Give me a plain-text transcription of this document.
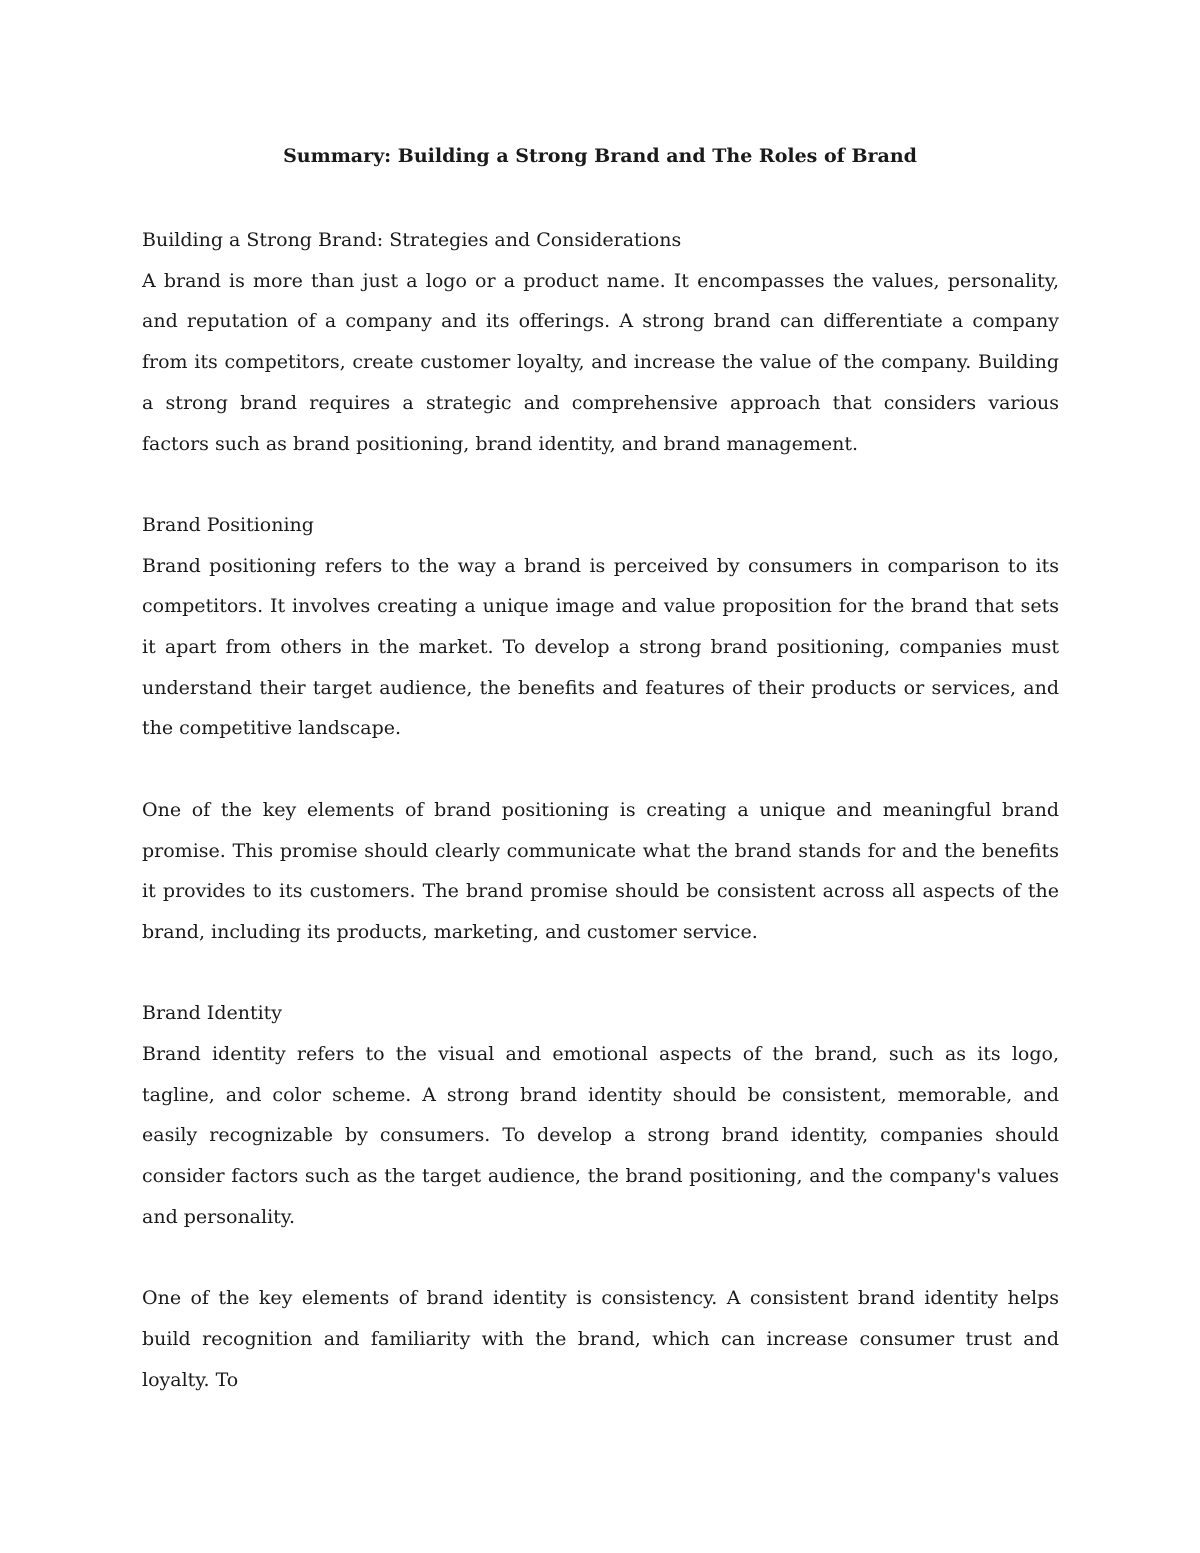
Summary: Building a Strong Brand and The Roles of Brand

Building a Strong Brand: Strategies and Considerations

A brand is more than just a logo or a product name. It encompasses the values, personality, and reputation of a company and its offerings. A strong brand can differentiate a company from its competitors, create customer loyalty, and increase the value of the company. Building a strong brand requires a strategic and comprehensive approach that considers various factors such as brand positioning, brand identity, and brand management.

Brand Positioning

Brand positioning refers to the way a brand is perceived by consumers in comparison to its competitors. It involves creating a unique image and value proposition for the brand that sets it apart from others in the market. To develop a strong brand positioning, companies must understand their target audience, the benefits and features of their products or services, and the competitive landscape.

One of the key elements of brand positioning is creating a unique and meaningful brand promise. This promise should clearly communicate what the brand stands for and the benefits it provides to its customers. The brand promise should be consistent across all aspects of the brand, including its products, marketing, and customer service.

Brand Identity

Brand identity refers to the visual and emotional aspects of the brand, such as its logo, tagline, and color scheme. A strong brand identity should be consistent, memorable, and easily recognizable by consumers. To develop a strong brand identity, companies should consider factors such as the target audience, the brand positioning, and the company's values and personality.

One of the key elements of brand identity is consistency. A consistent brand identity helps build recognition and familiarity with the brand, which can increase consumer trust and loyalty. To
